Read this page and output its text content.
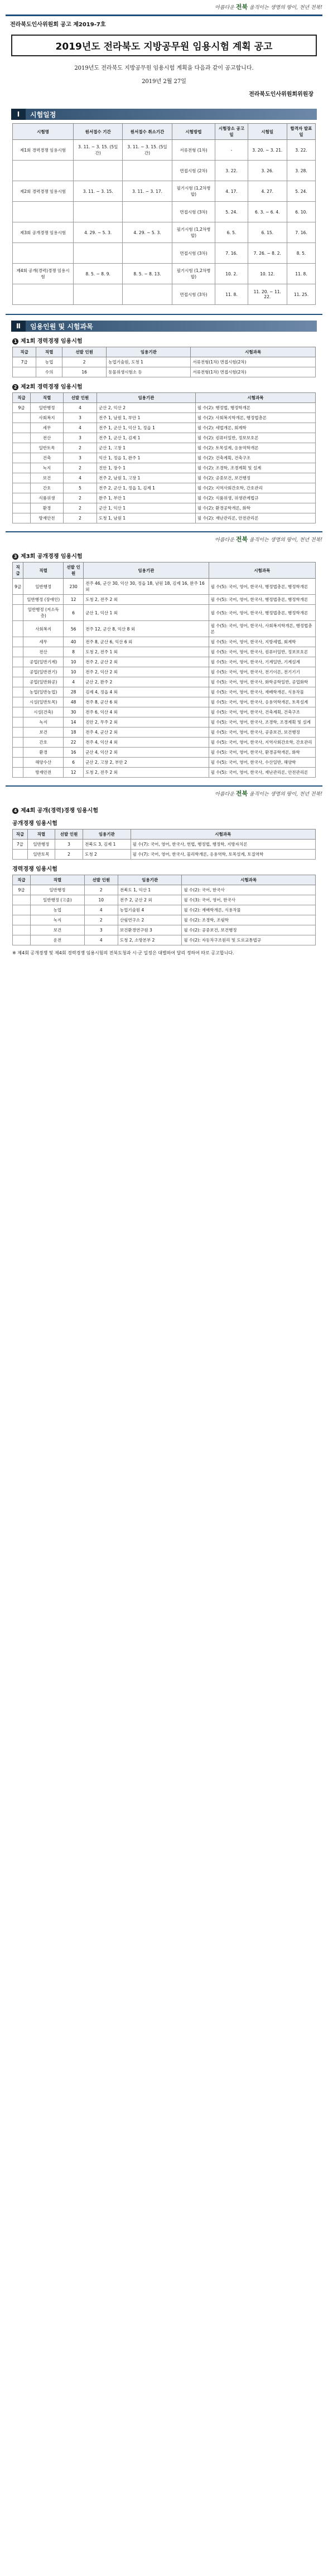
아름다운 전북 움직이는 생명의 땅이, 천년 전북!
전라북도인사위원회 공고 제2019-7호
2019년도 전라북도 지방공무원 임용시험 계획 공고
2019년도 전라북도 지방공무원 임용시험 계획을 다음과 같이 공고합니다.
2019년 2월 27일
전라북도인사위원회위원장
Ⅰ	시험일정
시험명	원서접수 기간	원서접수 취소기간	시험방법	시험장소 공고일	시험일	합격자 발표일
제1회 경력경쟁 임용시험	3. 11. ~ 3. 15. (5일간)	3. 11. ~ 3. 15. (5일간)	서류전형 (1차)	-	3. 20. ~ 3. 21.	3. 22.
			면접시험 (2차)	3. 22.	3. 26.	3. 28.
제2회 경력경쟁 임용시험	3. 11. ~ 3. 15.	3. 11. ~ 3. 17.	필기시험 (1,2차병합)	4. 17.	4. 27.	5. 24.
			면접시험 (3차)	5. 24.	6. 3. ~ 6. 4.	6. 10.
제3회 공개경쟁 임용시험	4. 29. ~ 5. 3.	4. 29. ~ 5. 3.	필기시험 (1,2차병합)	6. 5.	6. 15.	7. 16.
			면접시험 (3차)	7. 16.	7. 26. ~ 8. 2.	8. 5.
제4회 공개(경력)경쟁 임용시험	8. 5. ~ 8. 9.	8. 5. ~ 8. 13.	필기시험 (1,2차병합)	10. 2.	10. 12.	11. 8.
			면접시험 (3차)	11. 8.	11. 20. ~ 11. 22.	11. 25.
Ⅱ	임용인원 및 시험과목
1 제1회 경력경쟁 임용시험
직급	직렬	선발 인원	임용기관	시험과목
7급	농업	2	농업기술원, 도청 1	서류전형(1차) 면접시험(2차)
	수의	16	동물위생시험소 등	서류전형(1차) 면접시험(2차)
2 제2회 경력경쟁 임용시험
직급	직렬	선발 인원	임용기관	시험과목
9급	일반행정	4	군산 2, 익산 2	필 수(2): 행정법, 행정학개론
	사회복지	3	전주 1, 남원 1, 부안 1	필 수(2): 사회복지학개론, 행정법총론
	세무	4	전주 1, 군산 1, 익산 1, 정읍 1	필 수(2): 세법개론, 회계학
	전산	3	전주 1, 군산 1, 김제 1	필 수(2): 컴퓨터일반, 정보보호론
	일반토목	2	군산 1, 고창 1	필 수(2): 토목설계, 응용역학개론
	건축	3	익산 1, 정읍 1, 완주 1	필 수(2): 건축계획, 건축구조
	녹지	2	진안 1, 장수 1	필 수(2): 조경학, 조경계획 및 설계
	보건	4	전주 2, 남원 1, 고창 1	필 수(2): 공중보건, 보건행정
	간호	5	전주 2, 군산 1, 정읍 1, 김제 1	필 수(2): 지역사회간호학, 간호관리
	식품위생	2	완주 1, 부안 1	필 수(2): 식품위생, 위생관계법규
	환경	2	군산 1, 익산 1	필 수(2): 환경공학개론, 화학
	방재안전	2	도청 1, 남원 1	필 수(2): 재난관리론, 안전관리론
아름다운 전북 움직이는 생명의 땅이, 천년 전북!
3 제3회 공개경쟁 임용시험
직급	직렬	선발 인원	임용기관	시험과목
9급	일반행정	230	전주 46, 군산 30, 익산 30, 정읍 18, 남원 18, 김제 16, 완주 16 외	필 수(5): 국어, 영어, 한국사, 행정법총론, 행정학개론
	일반행정 (장애인)	12	도청 2, 전주 2 외	필 수(5): 국어, 영어, 한국사, 행정법총론, 행정학개론
	일반행정 (저소득층)	6	군산 1, 익산 1 외	필 수(5): 국어, 영어, 한국사, 행정법총론, 행정학개론
	사회복지	56	전주 12, 군산 8, 익산 8 외	필 수(5): 국어, 영어, 한국사, 사회복지학개론, 행정법총론
	세무	40	전주 8, 군산 6, 익산 6 외	필 수(5): 국어, 영어, 한국사, 지방세법, 회계학
	전산	8	도청 2, 전주 1 외	필 수(5): 국어, 영어, 한국사, 컴퓨터일반, 정보보호론
	공업(일반기계)	10	전주 2, 군산 2 외	필 수(5): 국어, 영어, 한국사, 기계일반, 기계설계
	공업(일반전기)	10	전주 2, 익산 2 외	필 수(5): 국어, 영어, 한국사, 전기이론, 전기기기
	공업(일반화공)	4	군산 2, 완주 2	필 수(5): 국어, 영어, 한국사, 화학공학일반, 공업화학
	농업(일반농업)	28	김제 4, 정읍 4 외	필 수(5): 국어, 영어, 한국사, 재배학개론, 식용작물
	시설(일반토목)	48	전주 8, 군산 6 외	필 수(5): 국어, 영어, 한국사, 응용역학개론, 토목설계
	시설(건축)	30	전주 6, 익산 4 외	필 수(5): 국어, 영어, 한국사, 건축계획, 건축구조
	녹지	14	진안 2, 무주 2 외	필 수(5): 국어, 영어, 한국사, 조경학, 조경계획 및 설계
	보건	18	전주 4, 군산 2 외	필 수(5): 국어, 영어, 한국사, 공중보건, 보건행정
	간호	22	전주 4, 익산 4 외	필 수(5): 국어, 영어, 한국사, 지역사회간호학, 간호관리
	환경	16	군산 4, 익산 2 외	필 수(5): 국어, 영어, 한국사, 환경공학개론, 화학
	해양수산	6	군산 2, 고창 2, 부안 2	필 수(5): 국어, 영어, 한국사, 수산일반, 해양학
	방재안전	12	도청 2, 전주 2 외	필 수(5): 국어, 영어, 한국사, 재난관리론, 안전관리론
아름다운 전북 움직이는 생명의 땅이, 천년 전북!
4 제4회 공개(경력)경쟁 임용시험
공개경쟁 임용시험
직급	직렬	선발 인원	임용기관	시험과목
7급	일반행정	3	전북도 3, 김제 1	필 수(7): 국어, 영어, 한국사, 헌법, 행정법, 행정학, 지방자치론
	일반토목	2	도청 2	필 수(7): 국어, 영어, 한국사, 물리학개론, 응용역학, 토목설계, 토질역학
경력경쟁 임용시험
직급	직렬	선발 인원	임용기관	시험과목
9급	일반행정	2	전북도 1, 익산 1	필 수(2): 국어, 한국사
	일반행정 (고졸)	10	전주 2, 군산 2 외	필 수(3): 국어, 영어, 한국사
	농업	4	농업기술원 4	필 수(2): 재배학개론, 식용작물
	녹지	2	산림연구소 2	필 수(2): 조경학, 조림학
	보건	3	보건환경연구원 3	필 수(2): 공중보건, 보건행정
	운전	4	도청 2, 소방본부 2	필 수(2): 자동차구조원리 및 도로교통법규
※ 제4회 공개경쟁 및 제4회 경력경쟁 임용시험의 전북도청과 시·군 일정은 대별하여 달리 정하여 따로 공고합니다.
